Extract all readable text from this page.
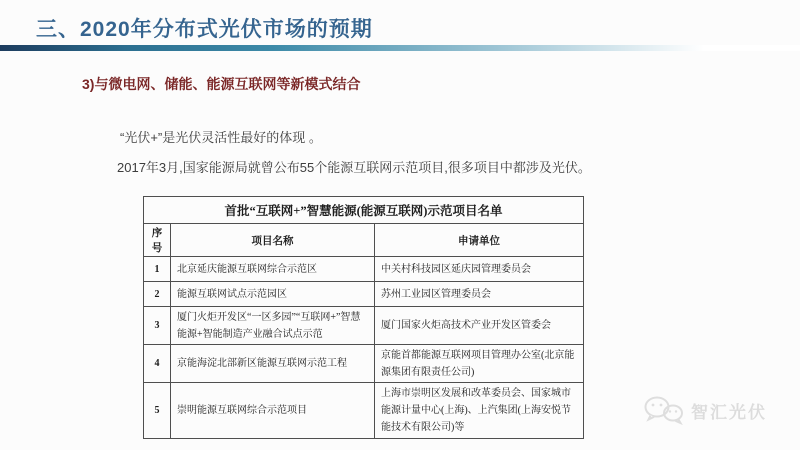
三、2020年分布式光伏市场的预期
3)与微电网、储能、能源互联网等新模式结合
“光伏+”是光伏灵活性最好的体现 。
2017年3月,国家能源局就曾公布55个能源互联网示范项目,很多项目中都涉及光伏。
首批“互联网+”智慧能源(能源互联网)示范项目名单		
序号	项目名称	申请单位
1	北京延庆能源互联网综合示范区	中关村科技园区延庆园管理委员会
2	能源互联网试点示范园区	苏州工业园区管理委员会
3	厦门火炬开发区“一区多园”“互联网+”智慧能源+智能制造产业融合试点示范	厦门国家火炬高技术产业开发区管委会
4	京能海淀北部新区能源互联网示范工程	京能首都能源互联网项目管理办公室(北京能源集团有限责任公司)
5	崇明能源互联网综合示范项目	上海市崇明区发展和改革委员会、国家城市能源计量中心(上海)、上汽集团(上海安悦节能技术有限公司)等
智汇光伏
